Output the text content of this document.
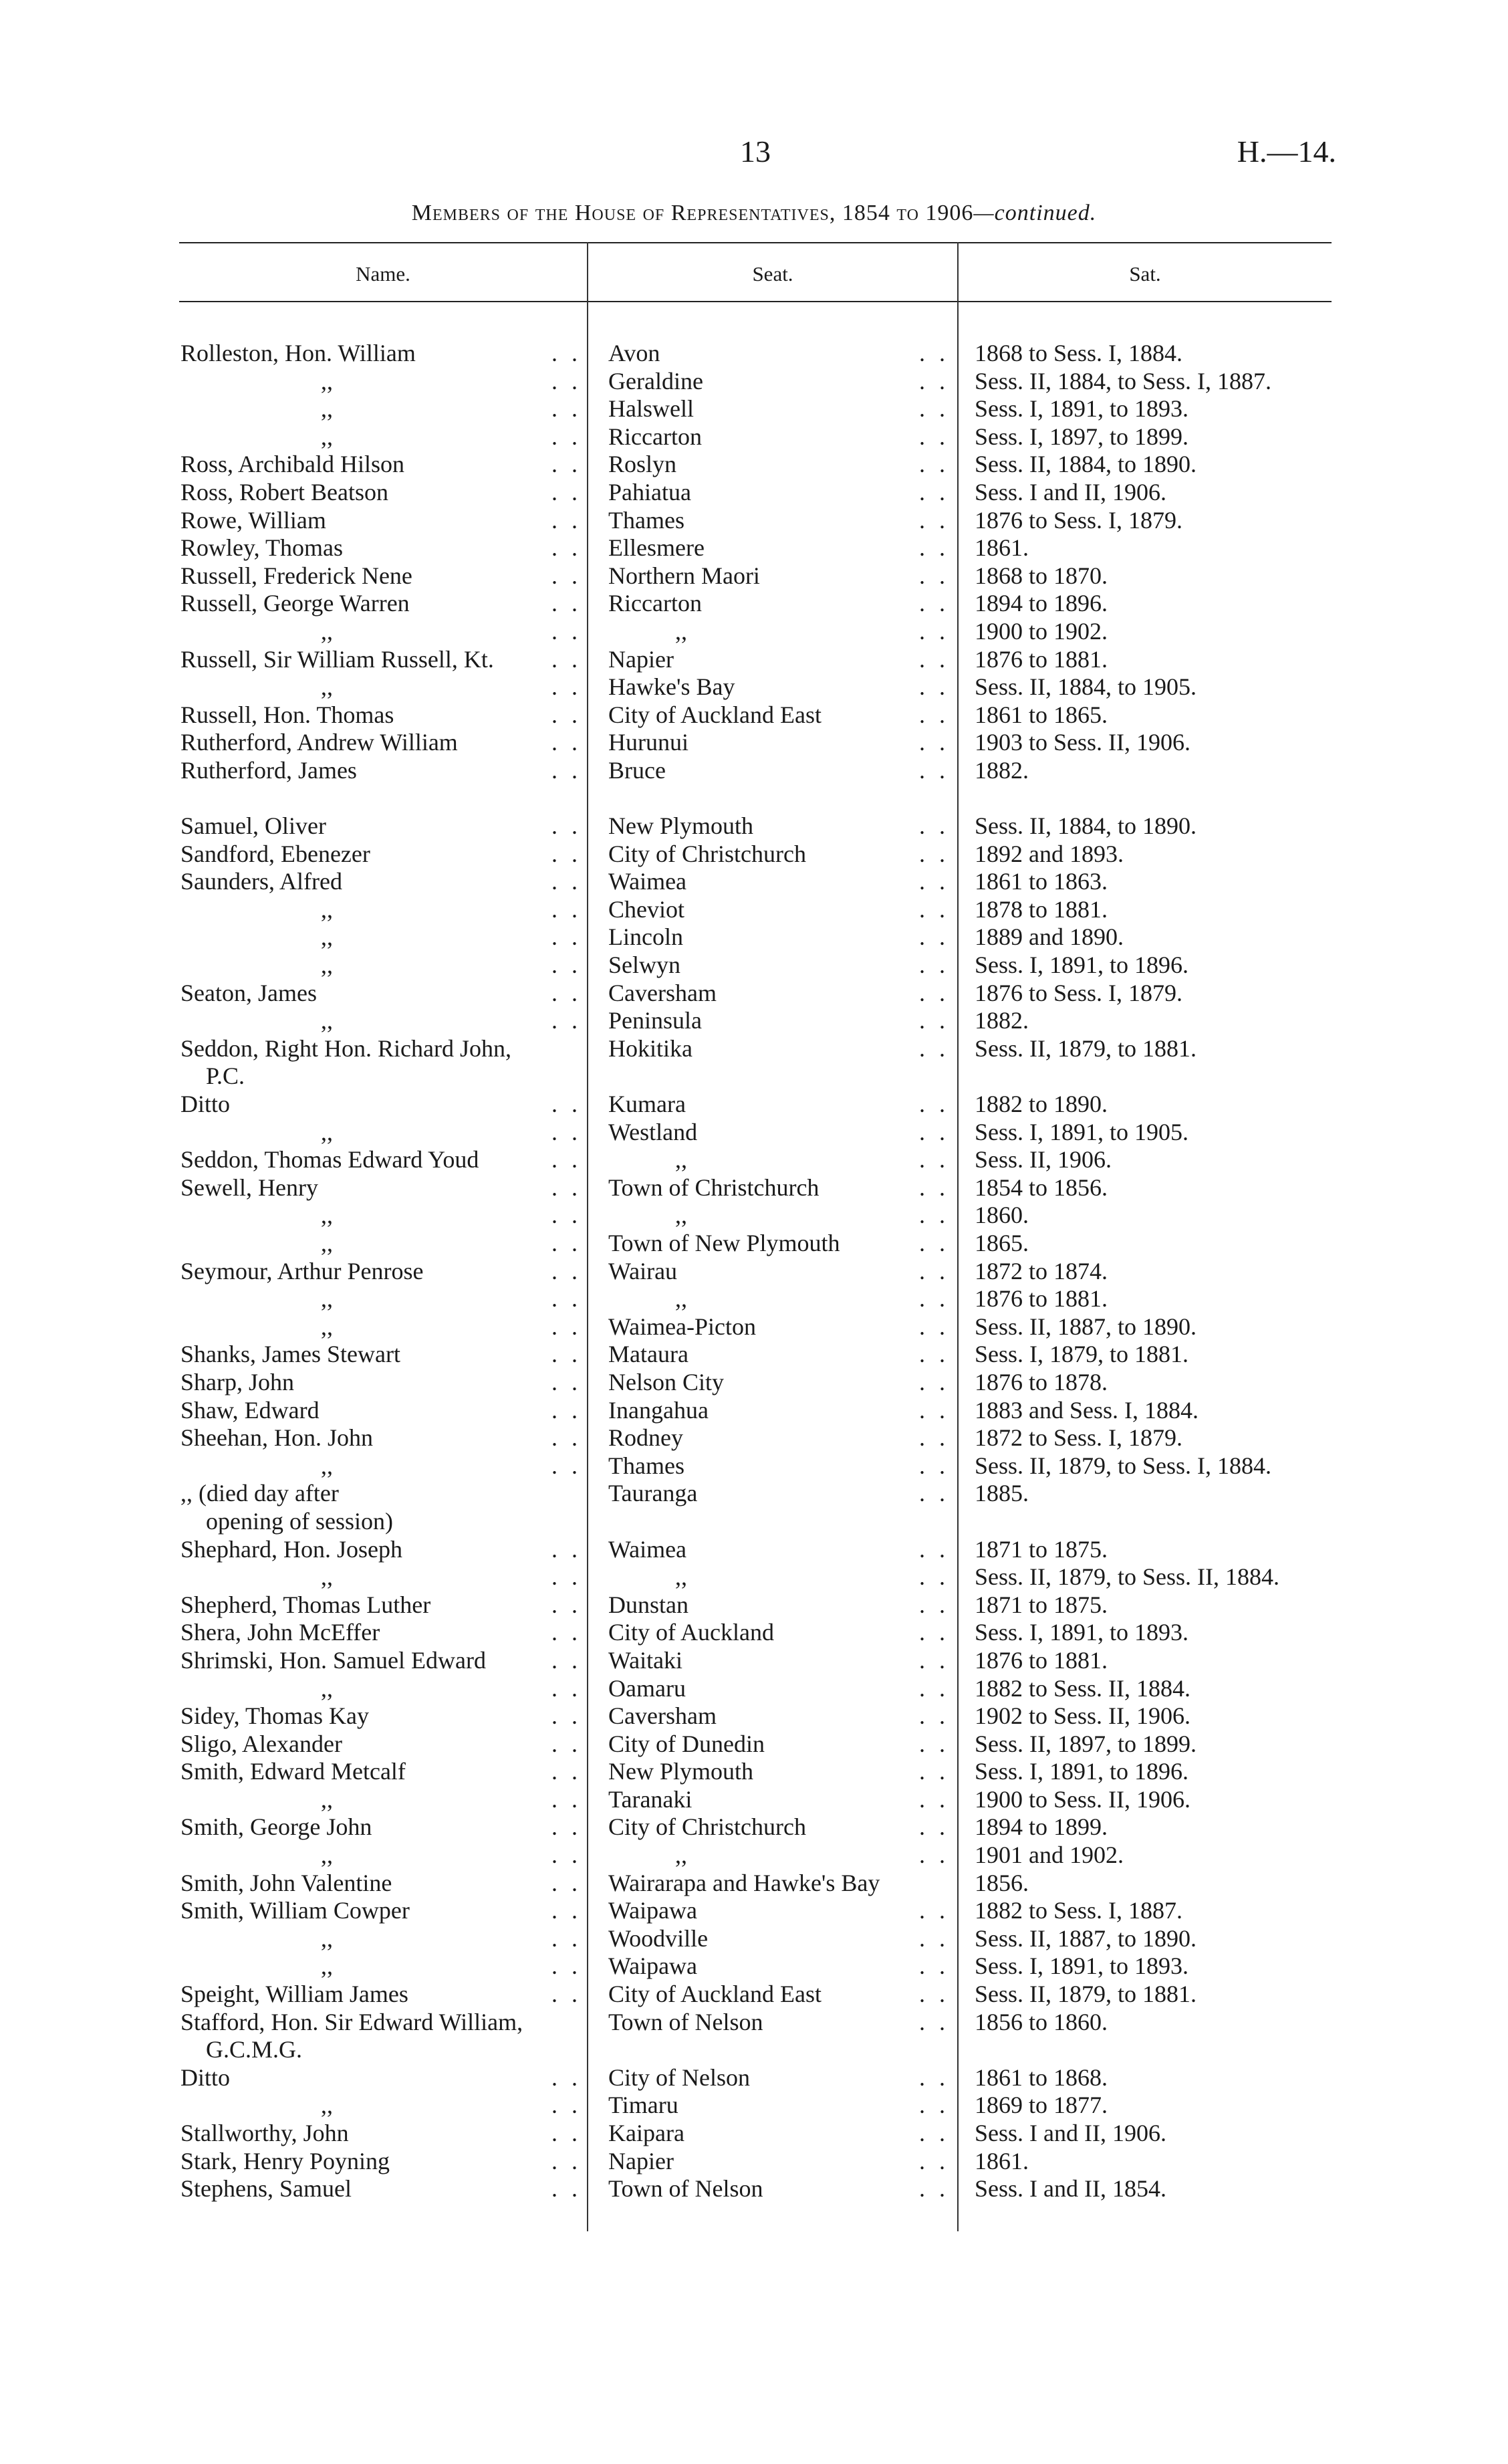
13	H.—14.
Members of the House of Representatives, 1854 to 1906—continued.
Name.	Seat.	Sat.
Rolleston, Hon. William	. . Avon	. . 1868 to Sess. I, 1884.
,,	. . Geraldine	. . Sess. II, 1884, to Sess. I, 1887.
,,	. . Halswell	. . Sess. I, 1891, to 1893.
,,	. . Riccarton	. . Sess. I, 1897, to 1899.
Ross, Archibald Hilson	. . Roslyn	. . Sess. II, 1884, to 1890.
Ross, Robert Beatson	. . Pahiatua	. . Sess. I and II, 1906.
Rowe, William	. . Thames	. . 1876 to Sess. I, 1879.
Rowley, Thomas	. . Ellesmere	. . 1861.
Russell, Frederick Nene	. . Northern Maori	. . 1868 to 1870.
Russell, George Warren	. . Riccarton	. . 1894 to 1896.
,,	. .	,,	. . 1900 to 1902.
Russell, Sir William Russell, Kt. . . Napier	. . 1876 to 1881.
,,	. . Hawke's Bay	. . Sess. II, 1884, to 1905.
Russell, Hon. Thomas	. . City of Auckland East	. . 1861 to 1865.
Rutherford, Andrew William	. . Hurunui	. . 1903 to Sess. II, 1906.
Rutherford, James	. . Bruce	. . 1882.
Samuel, Oliver	. . New Plymouth	. . Sess. II, 1884, to 1890.
Sandford, Ebenezer	. . City of Christchurch	. . 1892 and 1893.
Saunders, Alfred	. . Waimea	. . 1861 to 1863.
,,	. . Cheviot	. . 1878 to 1881.
,,	. . Lincoln	. . 1889 and 1890.
,,	. . Selwyn	. . Sess. I, 1891, to 1896.
Seaton, James	. . Caversham	. . 1876 to Sess. I, 1879.
,,	. . Peninsula	. . 1882.
Seddon, Right Hon. Richard John,
P.C.
Hokitika	. . Sess. II, 1879, to 1881.
Ditto	. . Kumara	. . 1882 to 1890.
,,	. . Westland	. . Sess. I, 1891, to 1905.
Seddon, Thomas Edward Youd	. .	,,	. . Sess. II, 1906.
Sewell, Henry	. . Town of Christchurch	. . 1854 to 1856.
,,	. .	,,	. . 1860.
,,	. . Town of New Plymouth	. . 1865.
Seymour, Arthur Penrose	. . Wairau	. . 1872 to 1874.
,,	. .	,,	. . 1876 to 1881.
,,	. . Waimea-Picton	. . Sess. II, 1887, to 1890.
Shanks, James Stewart	. . Mataura	. . Sess. I, 1879, to 1881.
Sharp, John	. . Nelson City	. . 1876 to 1878.
Shaw, Edward	. . Inangahua	. . 1883 and Sess. I, 1884.
Sheehan, Hon. John	. . Rodney	. . 1872 to Sess. I, 1879.
,,	. . Thames	. . Sess. II, 1879, to Sess. I, 1884.
,, (died day after
opening of session)
Tauranga	. . 1885.
Shephard, Hon. Joseph	. . Waimea	. . 1871 to 1875.
,,	. .	,,	. . Sess. II, 1879, to Sess. II, 1884.
Shepherd, Thomas Luther	. . Dunstan	. . 1871 to 1875.
Shera, John McEffer	. . City of Auckland	. . Sess. I, 1891, to 1893.
Shrimski, Hon. Samuel Edward	. . Waitaki	. . 1876 to 1881.
,,	. . Oamaru	. . 1882 to Sess. II, 1884.
Sidey, Thomas Kay	. . Caversham	. . 1902 to Sess. II, 1906.
Sligo, Alexander	. . City of Dunedin	. . Sess. II, 1897, to 1899.
Smith, Edward Metcalf	. . New Plymouth	. . Sess. I, 1891, to 1896.
,,	. . Taranaki	. . 1900 to Sess. II, 1906.
Smith, George John	. . City of Christchurch	. . 1894 to 1899.
,,	. .	,,	. . 1901 and 1902.
Smith, John Valentine	. . Wairarapa and Hawke's Bay	1856.
Smith, William Cowper	. . Waipawa	. . 1882 to Sess. I, 1887.
,,	. . Woodville	. . Sess. II, 1887, to 1890.
,,	. . Waipawa	. . Sess. I, 1891, to 1893.
Speight, William James	. . City of Auckland East	. . Sess. II, 1879, to 1881.
Stafford, Hon. Sir Edward William,
G.C.M.G.
Town of Nelson	. . 1856 to 1860.
Ditto	. . City of Nelson	. . 1861 to 1868.
,,	. . Timaru	. . 1869 to 1877.
Stallworthy, John	. . Kaipara	. . Sess. I and II, 1906.
Stark, Henry Poyning	. . Napier	. . 1861.
Stephens, Samuel	. . Town of Nelson	. . Sess. I and II, 1854.
